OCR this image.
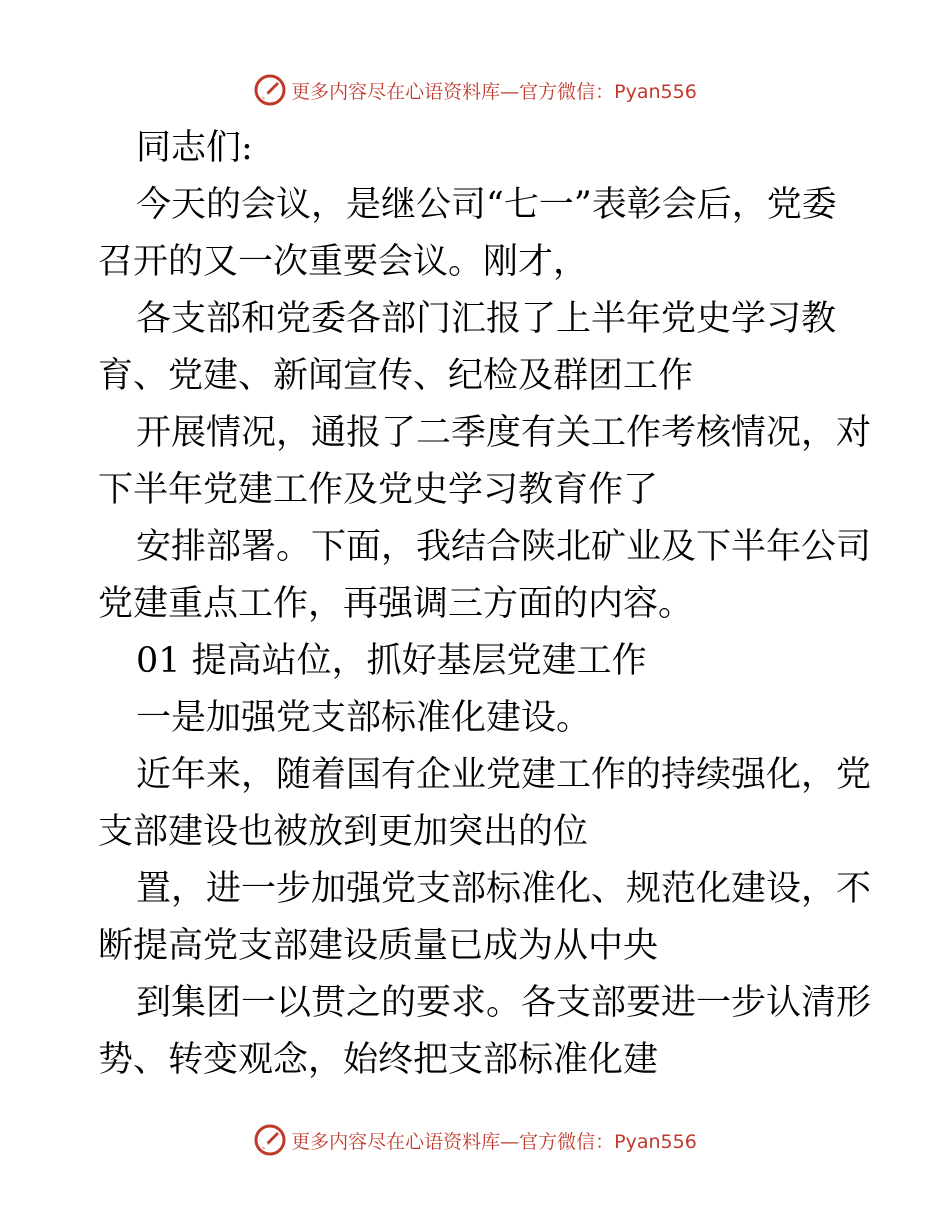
更多内容尽在心语资料库— 官方微信：Pyan556

同志们:

今天的会议，是继公司“七一”表彰会后，党委

召开的又一次重要会议。刚才，

各支部和党委各部门汇报了上半年党史学习教

育、党建、新闻宣传、纪检及群团工作

开展情况，通报了二季度有关工作考核情况，对

下半年党建工作及党史学习教育作了

安排部署。下面，我结合陕北矿业及下半年公司

党建重点工作，再强调三方面的内容。

01 提高站位，抓好基层党建工作

一是加强党支部标准化建设。

近年来，随着国有企业党建工作的持续强化，党

支部建设也被放到更加突出的位

置，进一步加强党支部标准化、规范化建设，不

断提高党支部建设质量已成为从中央

到集团一以贯之的要求。各支部要进一步认清形

势、转变观念，始终把支部标准化建

更多内容尽在心语资料库— 官方微信：Pyan556
